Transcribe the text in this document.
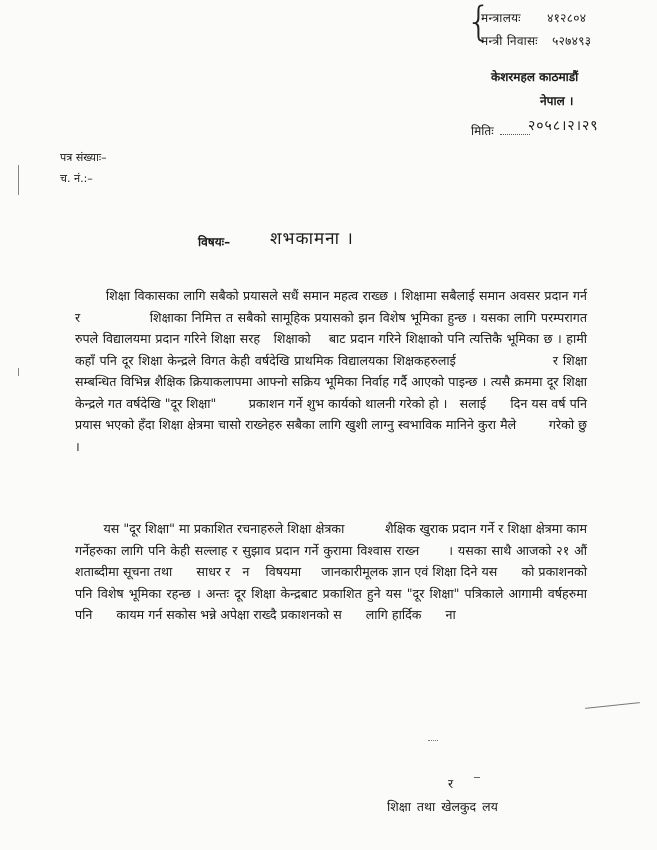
{
मन्त्रालयः ४१२८०४
मन्त्री निवासः ५२७४९३
केशरमहल काठमाडौं
नेपाल ।
मितिः २०५८।२।२९
पत्र संख्याः–
च. नं.:–
विषयः– शभकामना ।
शिक्षा विकासका लागि सबैको प्रयासले सधैं समान महत्व राख्छ । शिक्षामा सबैलाई समान अवसर प्रदान गर्न र               शिक्षाका निमित्त त सबैको सामूहिक प्रयासको झन विशेष भूमिका हुन्छ । यसका लागि परम्परागत रुपले विद्यालयमा प्रदान गरिने शिक्षा सरह   शिक्षाको    बाट प्रदान गरिने शिक्षाको पनि त्यत्तिकै भूमिका छ । हामी कहाँ पनि दूर शिक्षा केन्द्रले विगत केही वर्षदेखि प्राथमिक विद्यालयका शिक्षकहरुलाई                    र शिक्षा    सम्बन्धित विभिन्न शैक्षिक क्रियाकलापमा आफ्नो सक्रिय भूमिका निर्वाह गर्दै आएको पाइन्छ । त्यसै क्रममा दूर शिक्षा केन्द्रले गत वर्षदेखि "दूर शिक्षा"        प्रकाशन गर्ने शुभ कार्यको थालनी गरेको हो ।   सलाई      दिन यस वर्ष पनि प्रयास भएको हँदा शिक्षा क्षेत्रमा चासो राख्नेहरु सबैका लागि खुशी लाग्नु स्वभाविक मानिने कुरा मैले        गरेको छु ।
यस "दूर शिक्षा" मा प्रकाशित रचनाहरुले शिक्षा क्षेत्रका          शैक्षिक खुराक प्रदान गर्ने र शिक्षा क्षेत्रमा काम गर्नेहरुका लागि पनि केही सल्लाह र सुझाव प्रदान गर्ने कुरामा विश्वास राख्न      । यसका साथै आजको २१ औं शताब्दीमा सूचना तथा      साधर र   न    विषयमा     जानकारीमूलक ज्ञान एवं शिक्षा दिने यस      को प्रकाशनको पनि विशेष भूमिका रहन्छ । अन्तः दूर शिक्षा केन्द्रबाट प्रकाशित हुने यस "दूर शिक्षा" पत्रिकाले आगामी वर्षहरुमा पनि      कायम गर्न सकोस भन्ने अपेक्षा राख्दै प्रकाशनको स      लागि हार्दिक      ना
र
शिक्षा तथा खेलकुद लय
